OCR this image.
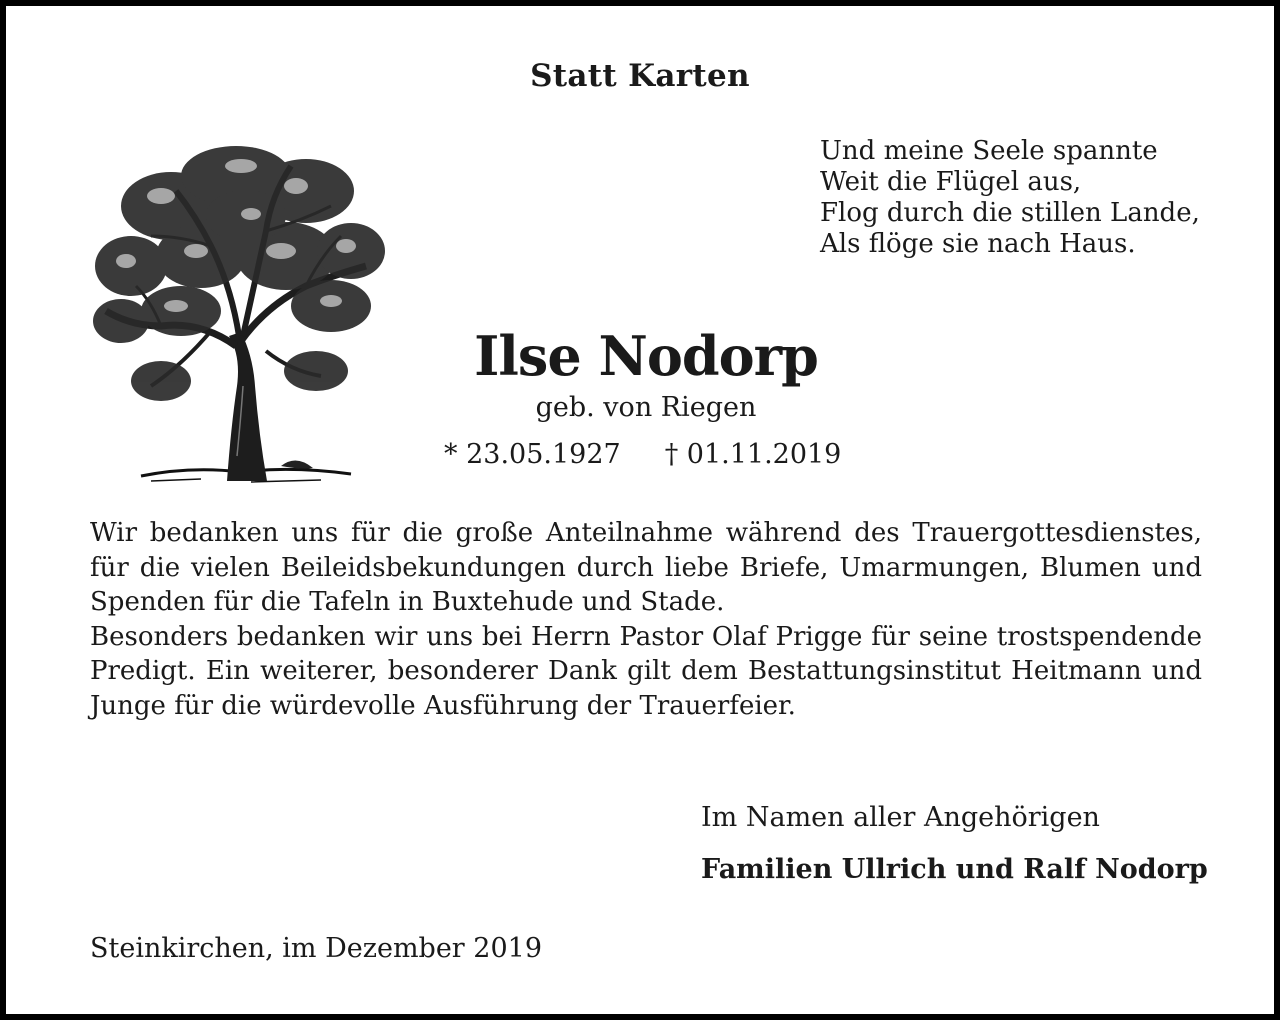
Statt Karten
Und meine Seele spannte
Weit die Flügel aus,
Flog durch die stillen Lande,
Als flöge sie nach Haus.
Ilse Nodorp
geb. von Riegen
* 23.05.1927 † 01.11.2019

Wir bedanken uns für die große Anteilnahme während des Trauergottesdienstes, für die vielen Beileidsbekundungen durch liebe Briefe, Umarmungen, Blumen und Spenden für die Tafeln in Buxtehude und Stade.

Besonders bedanken wir uns bei Herrn Pastor Olaf Prigge für seine trostspendende Predigt. Ein weiterer, besonderer Dank gilt dem Bestattungsinstitut Heitmann und Junge für die würdevolle Ausführung der Trauerfeier.

Im Namen aller Angehörigen
Familien Ullrich und Ralf Nodorp
Steinkirchen, im Dezember 2019
